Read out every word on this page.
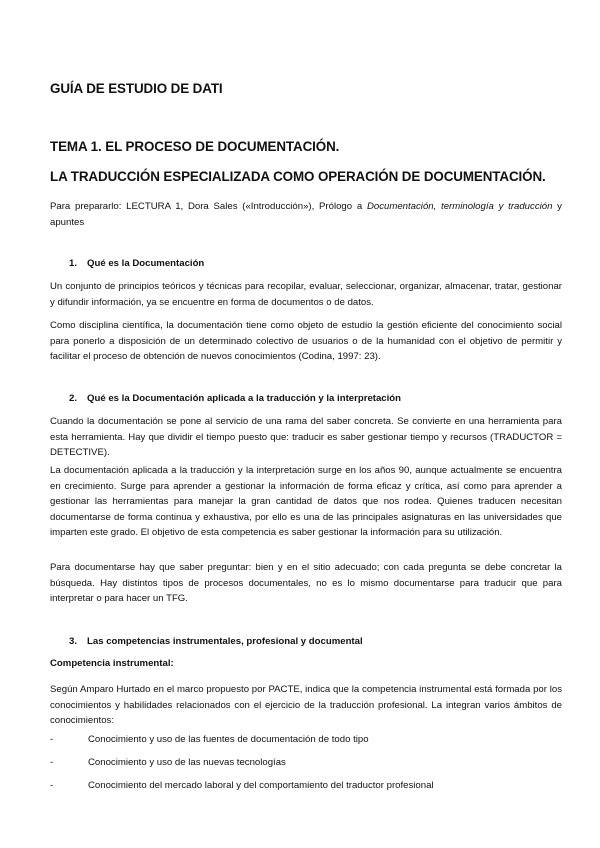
GUÍA DE ESTUDIO DE DATI
TEMA 1. EL PROCESO DE DOCUMENTACIÓN.
LA TRADUCCIÓN ESPECIALIZADA COMO OPERACIÓN DE DOCUMENTACIÓN.

Para prepararlo: LECTURA 1, Dora Sales («Introducción»), Prólogo a Documentación, terminología y traducción y apuntes

1. Qué es la Documentación

Un conjunto de principios teóricos y técnicas para recopilar, evaluar, seleccionar, organizar, almacenar, tratar, gestionar y difundir información, ya se encuentre en forma de documentos o de datos.

Como disciplina científica, la documentación tiene como objeto de estudio la gestión eficiente del conocimiento social para ponerlo a disposición de un determinado colectivo de usuarios o de la humanidad con el objetivo de permitir y facilitar el proceso de obtención de nuevos conocimientos (Codina, 1997: 23).

2. Qué es la Documentación aplicada a la traducción y la interpretación

Cuando la documentación se pone al servicio de una rama del saber concreta. Se convierte en una herramienta para esta herramienta. Hay que dividir el tiempo puesto que: traducir es saber gestionar tiempo y recursos (TRADUCTOR = DETECTIVE).

La documentación aplicada a la traducción y la interpretación surge en los años 90, aunque actualmente se encuentra en crecimiento. Surge para aprender a gestionar la información de forma eficaz y crítica, así como para aprender a gestionar las herramientas para manejar la gran cantidad de datos que nos rodea. Quienes traducen necesitan documentarse de forma continua y exhaustiva, por ello es una de las principales asignaturas en las universidades que imparten este grado. El objetivo de esta competencia es saber gestionar la información para su utilización.

Para documentarse hay que saber preguntar: bien y en el sitio adecuado; con cada pregunta se debe concretar la búsqueda. Hay distintos tipos de procesos documentales, no es lo mismo documentarse para traducir que para interpretar o para hacer un TFG.

3. Las competencias instrumentales, profesional y documental
Competencia instrumental:

Según Amparo Hurtado en el marco propuesto por PACTE, indica que la competencia instrumental está formada por los conocimientos y habilidades relacionados con el ejercicio de la traducción profesional. La integran varios ámbitos de conocimientos:

-	Conocimiento y uso de las fuentes de documentación de todo tipo
-	Conocimiento y uso de las nuevas tecnologías
-	Conocimiento del mercado laboral y del comportamiento del traductor profesional
